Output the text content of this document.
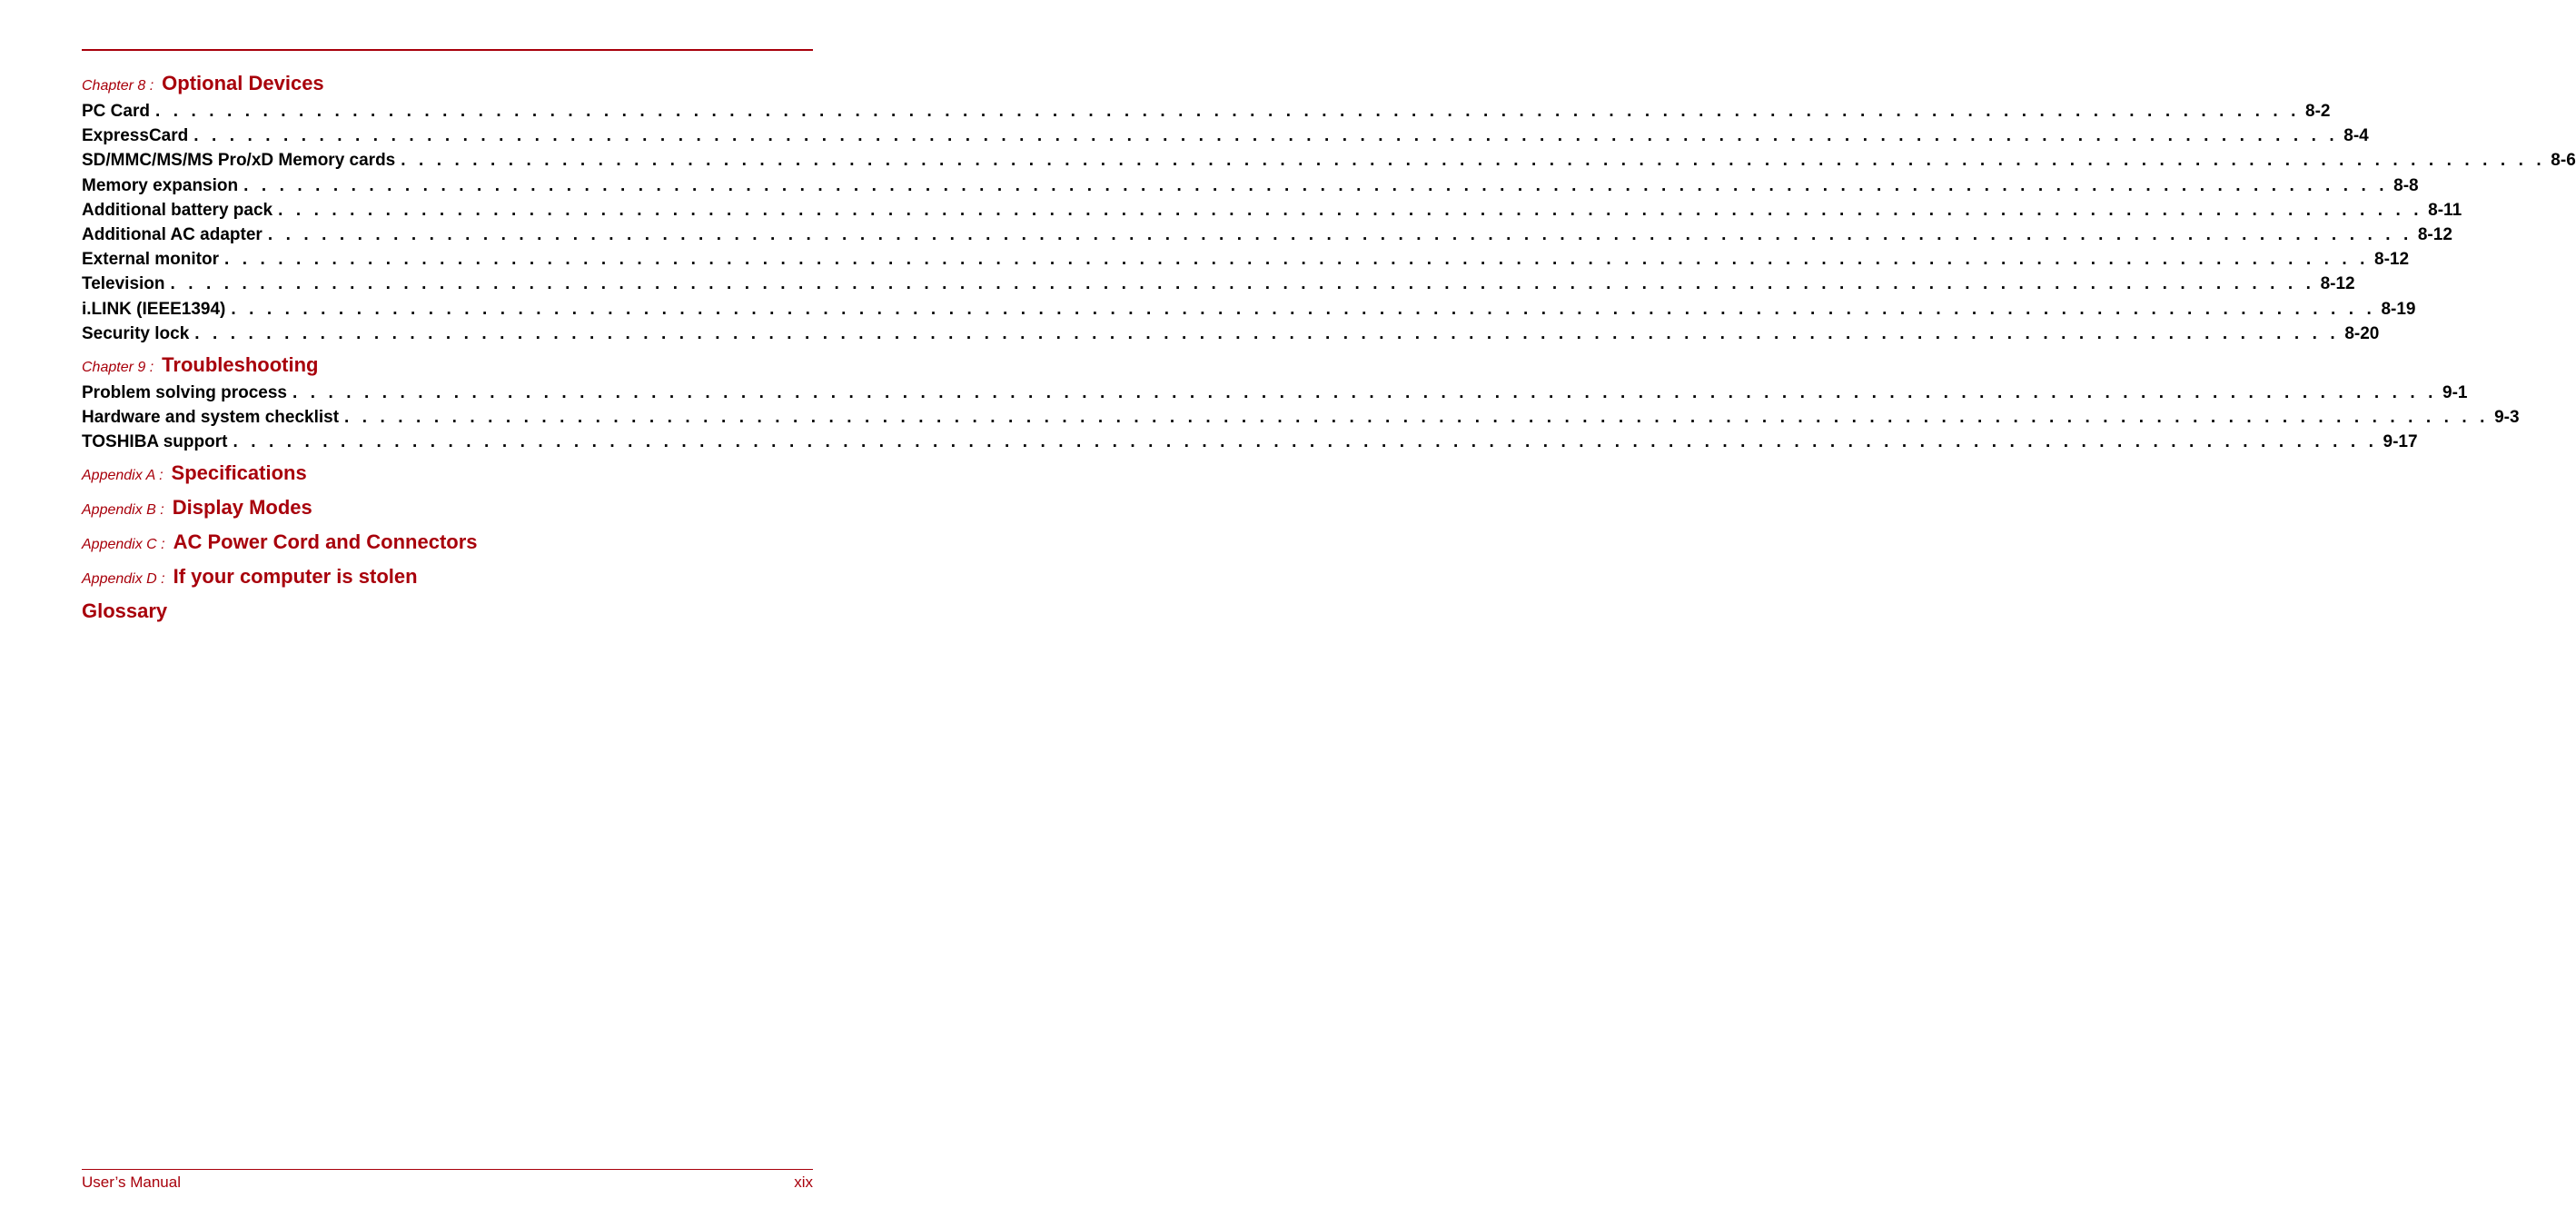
Chapter 8 : Optional Devices
PC Card . . . . . . . . . . . . . . . . . . . . . . . . . . . . . . . . . . . . . . . . . . . . . . . . . . . . . . . . . . . . . . . . . . . . . . . . . . . . . . . . . . . . . . . . . . . . . . . . . . . . . . . . . . . . . . . . . . . . . . . . 8-2
ExpressCard . . . . . . . . . . . . . . . . . . . . . . . . . . . . . . . . . . . . . . . . . . . . . . . . . . . . . . . . . . . . . . . . . . . . . . . . . . . . . . . . . . . . . . . . . . . . . . . . . . . . . . . . . . . . . . . . . . . . . . . . 8-4
SD/MMC/MS/MS Pro/xD Memory cards . . . . . . . . . . . . . . . . . . . . . . . . . . . . . . . . . . . . . . . . . . . . . . . . . . . . . . . . . . . . . . . . . . . . . . . . . . . . . . . . . . . . . . . . . . . . . . . . . . . . . . . . . . . . . . . . . . . . . . . . 8-6
Memory expansion . . . . . . . . . . . . . . . . . . . . . . . . . . . . . . . . . . . . . . . . . . . . . . . . . . . . . . . . . . . . . . . . . . . . . . . . . . . . . . . . . . . . . . . . . . . . . . . . . . . . . . . . . . . . . . . . . . . . . . . . 8-8
Additional battery pack . . . . . . . . . . . . . . . . . . . . . . . . . . . . . . . . . . . . . . . . . . . . . . . . . . . . . . . . . . . . . . . . . . . . . . . . . . . . . . . . . . . . . . . . . . . . . . . . . . . . . . . . . . . . . . . . . . . . . . . . 8-11
Additional AC adapter . . . . . . . . . . . . . . . . . . . . . . . . . . . . . . . . . . . . . . . . . . . . . . . . . . . . . . . . . . . . . . . . . . . . . . . . . . . . . . . . . . . . . . . . . . . . . . . . . . . . . . . . . . . . . . . . . . . . . . . . 8-12
External monitor . . . . . . . . . . . . . . . . . . . . . . . . . . . . . . . . . . . . . . . . . . . . . . . . . . . . . . . . . . . . . . . . . . . . . . . . . . . . . . . . . . . . . . . . . . . . . . . . . . . . . . . . . . . . . . . . . . . . . . . . 8-12
Television . . . . . . . . . . . . . . . . . . . . . . . . . . . . . . . . . . . . . . . . . . . . . . . . . . . . . . . . . . . . . . . . . . . . . . . . . . . . . . . . . . . . . . . . . . . . . . . . . . . . . . . . . . . . . . . . . . . . . . . . 8-12
i.LINK (IEEE1394) . . . . . . . . . . . . . . . . . . . . . . . . . . . . . . . . . . . . . . . . . . . . . . . . . . . . . . . . . . . . . . . . . . . . . . . . . . . . . . . . . . . . . . . . . . . . . . . . . . . . . . . . . . . . . . . . . . . . . . . . 8-19
Security lock . . . . . . . . . . . . . . . . . . . . . . . . . . . . . . . . . . . . . . . . . . . . . . . . . . . . . . . . . . . . . . . . . . . . . . . . . . . . . . . . . . . . . . . . . . . . . . . . . . . . . . . . . . . . . . . . . . . . . . . . 8-20
Chapter 9 : Troubleshooting
Problem solving process . . . . . . . . . . . . . . . . . . . . . . . . . . . . . . . . . . . . . . . . . . . . . . . . . . . . . . . . . . . . . . . . . . . . . . . . . . . . . . . . . . . . . . . . . . . . . . . . . . . . . . . . . . . . . . . . . . . . . . . . 9-1
Hardware and system checklist . . . . . . . . . . . . . . . . . . . . . . . . . . . . . . . . . . . . . . . . . . . . . . . . . . . . . . . . . . . . . . . . . . . . . . . . . . . . . . . . . . . . . . . . . . . . . . . . . . . . . . . . . . . . . . . . . . . . . . . . 9-3
TOSHIBA support . . . . . . . . . . . . . . . . . . . . . . . . . . . . . . . . . . . . . . . . . . . . . . . . . . . . . . . . . . . . . . . . . . . . . . . . . . . . . . . . . . . . . . . . . . . . . . . . . . . . . . . . . . . . . . . . . . . . . . . . 9-17
Appendix A : Specifications
Appendix B : Display Modes
Appendix C : AC Power Cord and Connectors
Appendix D : If your computer is stolen
Glossary
User’s Manual	xix
